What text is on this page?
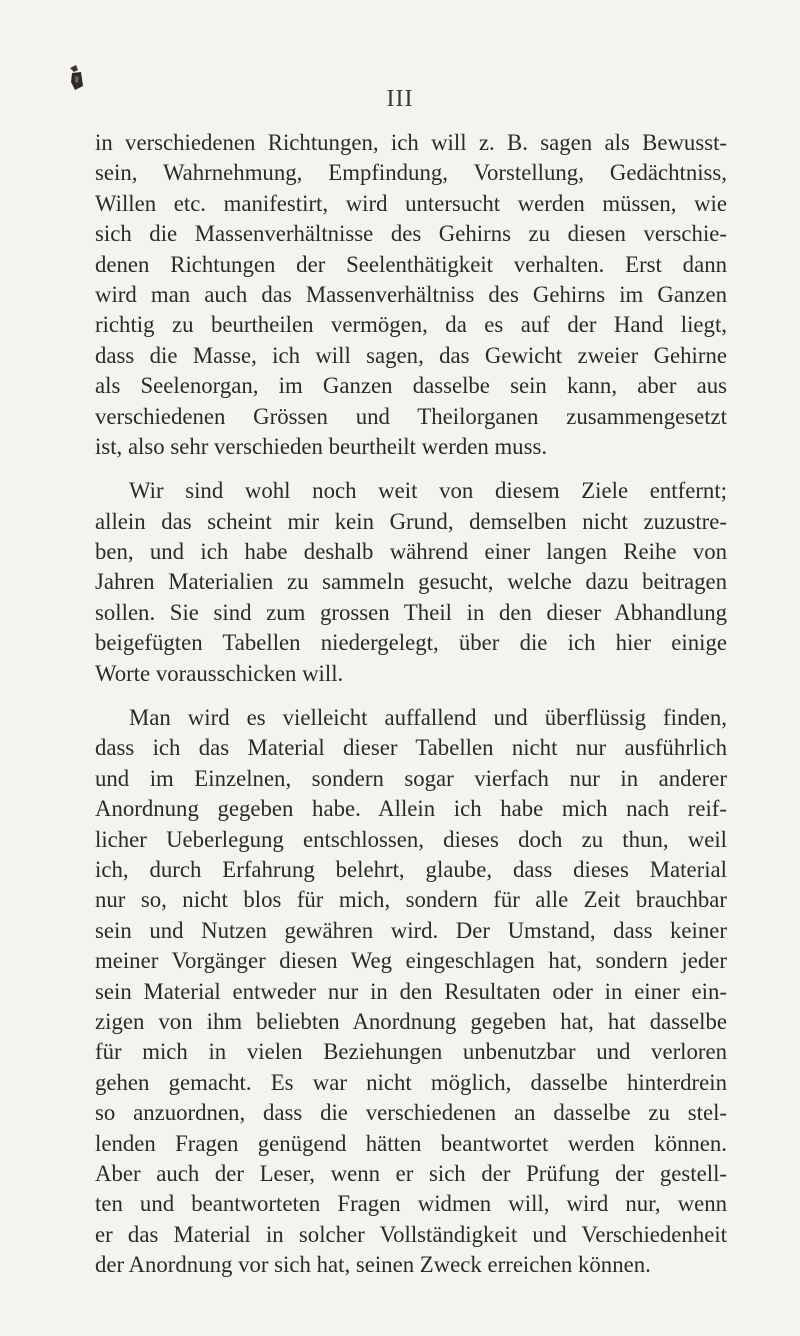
III
in verschiedenen Richtungen, ich will z. B. sagen als Bewusst-
sein, Wahrnehmung, Empfindung, Vorstellung, Gedächtniss,
Willen etc. manifestirt, wird untersucht werden müssen, wie
sich die Massenverhältnisse des Gehirns zu diesen verschie-
denen Richtungen der Seelenthätigkeit verhalten. Erst dann
wird man auch das Massenverhältniss des Gehirns im Ganzen
richtig zu beurtheilen vermögen, da es auf der Hand liegt,
dass die Masse, ich will sagen, das Gewicht zweier Gehirne
als Seelenorgan, im Ganzen dasselbe sein kann, aber aus
verschiedenen Grössen und Theilorganen zusammengesetzt
ist, also sehr verschieden beurtheilt werden muss.
Wir sind wohl noch weit von diesem Ziele entfernt;
allein das scheint mir kein Grund, demselben nicht zuzustre-
ben, und ich habe deshalb während einer langen Reihe von
Jahren Materialien zu sammeln gesucht, welche dazu beitragen
sollen. Sie sind zum grossen Theil in den dieser Abhandlung
beigefügten Tabellen niedergelegt, über die ich hier einige
Worte vorausschicken will.
Man wird es vielleicht auffallend und überflüssig finden,
dass ich das Material dieser Tabellen nicht nur ausführlich
und im Einzelnen, sondern sogar vierfach nur in anderer
Anordnung gegeben habe. Allein ich habe mich nach reif-
licher Ueberlegung entschlossen, dieses doch zu thun, weil
ich, durch Erfahrung belehrt, glaube, dass dieses Material
nur so, nicht blos für mich, sondern für alle Zeit brauchbar
sein und Nutzen gewähren wird. Der Umstand, dass keiner
meiner Vorgänger diesen Weg eingeschlagen hat, sondern jeder
sein Material entweder nur in den Resultaten oder in einer ein-
zigen von ihm beliebten Anordnung gegeben hat, hat dasselbe
für mich in vielen Beziehungen unbenutzbar und verloren
gehen gemacht. Es war nicht möglich, dasselbe hinterdrein
so anzuordnen, dass die verschiedenen an dasselbe zu stel-
lenden Fragen genügend hätten beantwortet werden können.
Aber auch der Leser, wenn er sich der Prüfung der gestell-
ten und beantworteten Fragen widmen will, wird nur, wenn
er das Material in solcher Vollständigkeit und Verschiedenheit
der Anordnung vor sich hat, seinen Zweck erreichen können.
